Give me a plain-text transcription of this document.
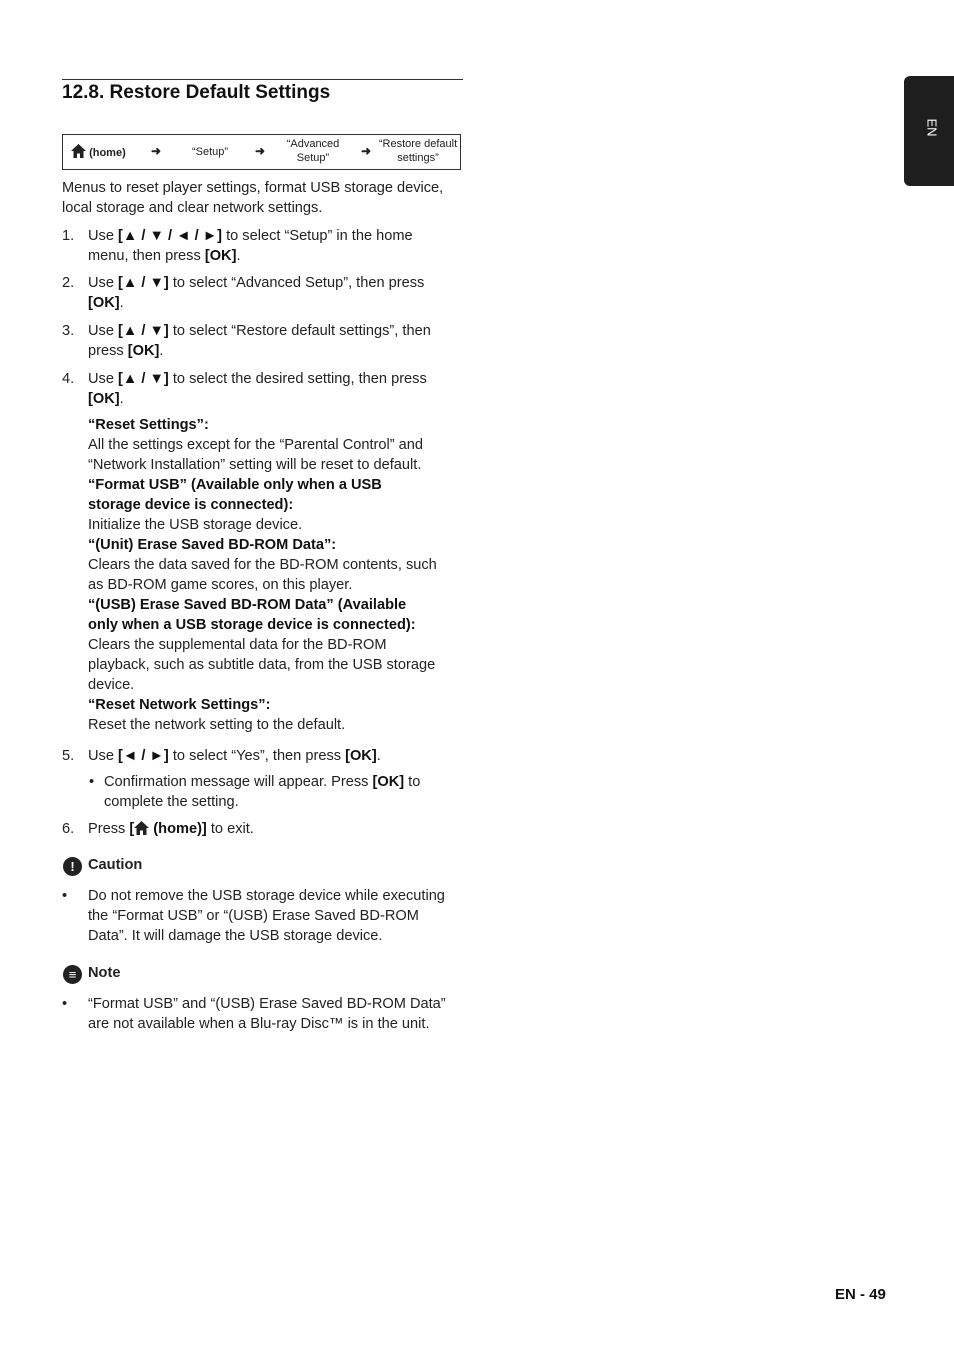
12.8. Restore Default Settings
(home) ➜	“Setup”	➜	“Advanced
Setup”	➜ “Restore default
settings”
Menus to reset player settings, format USB storage device, local storage and clear network settings.
1. Use [▲ / ▼ / ◄ / ►] to select “Setup” in the home
menu, then press [OK].
2. Use [▲ / ▼] to select “Advanced Setup”, then press
[OK].
3. Use [▲ / ▼] to select “Restore default settings”, then
press [OK].
4. Use [▲ / ▼] to select the desired setting, then press
[OK].
“Reset Settings”:
All the settings except for the “Parental Control” and
“Network Installation” setting will be reset to default.
“Format USB” (Available only when a USB
storage device is connected):
Initialize the USB storage device.
“(Unit) Erase Saved BD-ROM Data”:
Clears the data saved for the BD-ROM contents, such
as BD-ROM game scores, on this player.
“(USB) Erase Saved BD-ROM Data” (Available
only when a USB storage device is connected):
Clears the supplemental data for the BD-ROM
playback, such as subtitle data, from the USB storage
device.
“Reset Network Settings”:
Reset the network setting to the default.
5. Use [◄ / ►] to select “Yes”, then press [OK].
• Confirmation message will appear. Press [OK] to
complete the setting.
6. Press [ (home)] to exit.
! Caution
• Do not remove the USB storage device while executing
the “Format USB” or “(USB) Erase Saved BD-ROM
Data”. It will damage the USB storage device.
≡ Note
• “Format USB” and “(USB) Erase Saved BD-ROM Data”
are not available when a Blu-ray Disc™ is in the unit.
EN
EN - 49
